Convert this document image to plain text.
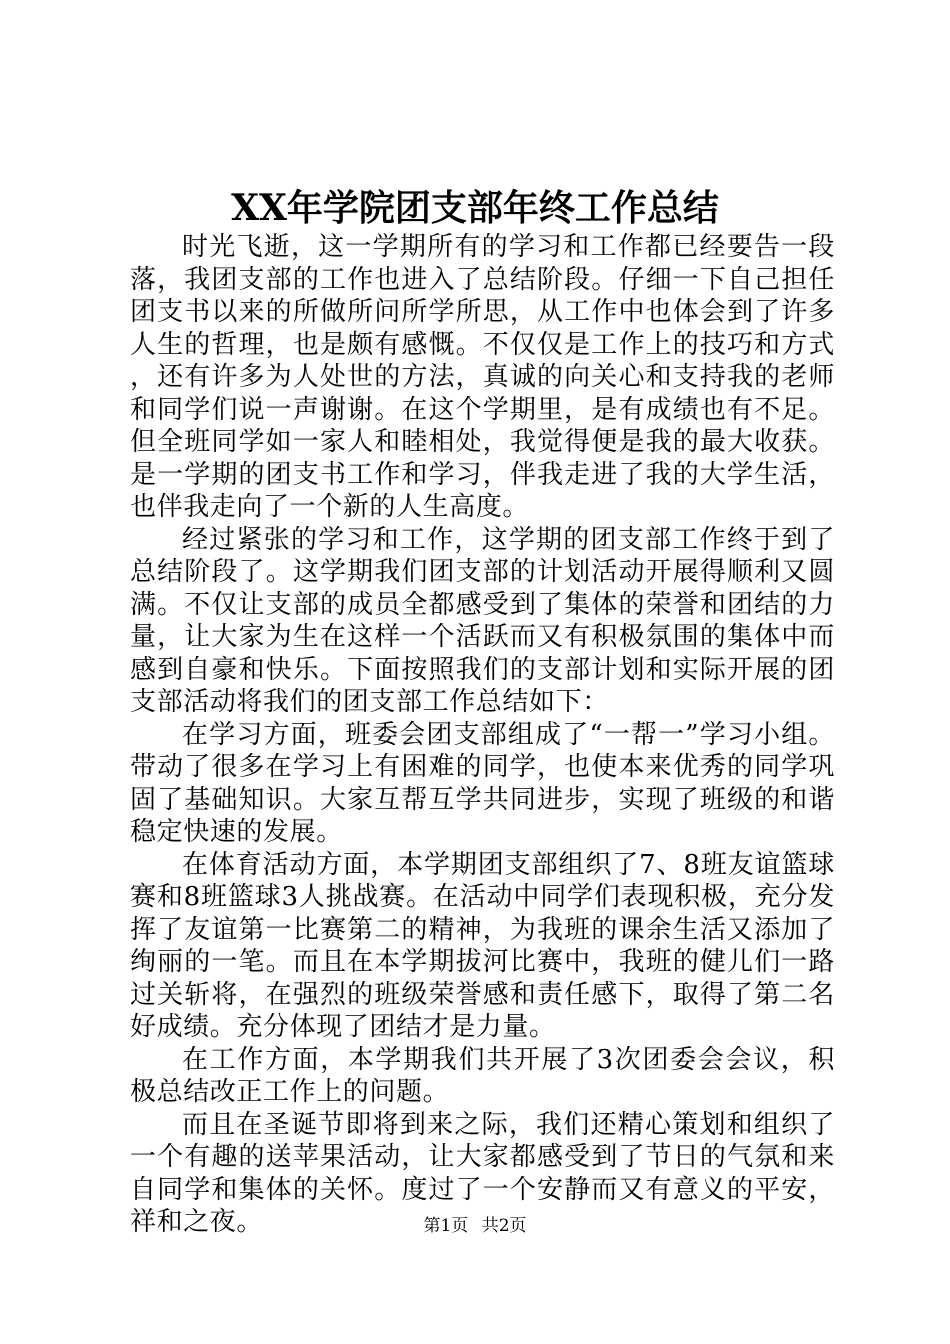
XX年学院团支部年终工作总结

时光飞逝，这一学期所有的学习和工作都已经要告一段落，我团支部的工作也进入了总结阶段。仔细一下自己担任团支书以来的所做所问所学所思，从工作中也体会到了许多人生的哲理，也是颇有感慨。不仅仅是工作上的技巧和方式，还有许多为人处世的方法，真诚的向关心和支持我的老师和同学们说一声谢谢。在这个学期里，是有成绩也有不足。但全班同学如一家人和睦相处，我觉得便是我的最大收获。是一学期的团支书工作和学习，伴我走进了我的大学生活，也伴我走向了一个新的人生高度。

经过紧张的学习和工作，这学期的团支部工作终于到了总结阶段了。这学期我们团支部的计划活动开展得顺利又圆满。不仅让支部的成员全都感受到了集体的荣誉和团结的力量，让大家为生在这样一个活跃而又有积极氛围的集体中而感到自豪和快乐。下面按照我们的支部计划和实际开展的团支部活动将我们的团支部工作总结如下：

在学习方面，班委会团支部组成了“一帮一”学习小组。带动了很多在学习上有困难的同学，也使本来优秀的同学巩固了基础知识。大家互帮互学共同进步，实现了班级的和谐稳定快速的发展。

在体育活动方面，本学期团支部组织了7、8班友谊篮球赛和8班篮球3人挑战赛。在活动中同学们表现积极，充分发挥了友谊第一比赛第二的精神，为我班的课余生活又添加了绚丽的一笔。而且在本学期拔河比赛中，我班的健儿们一路过关斩将，在强烈的班级荣誉感和责任感下，取得了第二名好成绩。充分体现了团结才是力量。

在工作方面，本学期我们共开展了3次团委会会议，积极总结改正工作上的问题。

而且在圣诞节即将到来之际，我们还精心策划和组织了一个有趣的送苹果活动，让大家都感受到了节日的气氛和来自同学和集体的关怀。度过了一个安静而又有意义的平安，祥和之夜。	第1页 共2页
